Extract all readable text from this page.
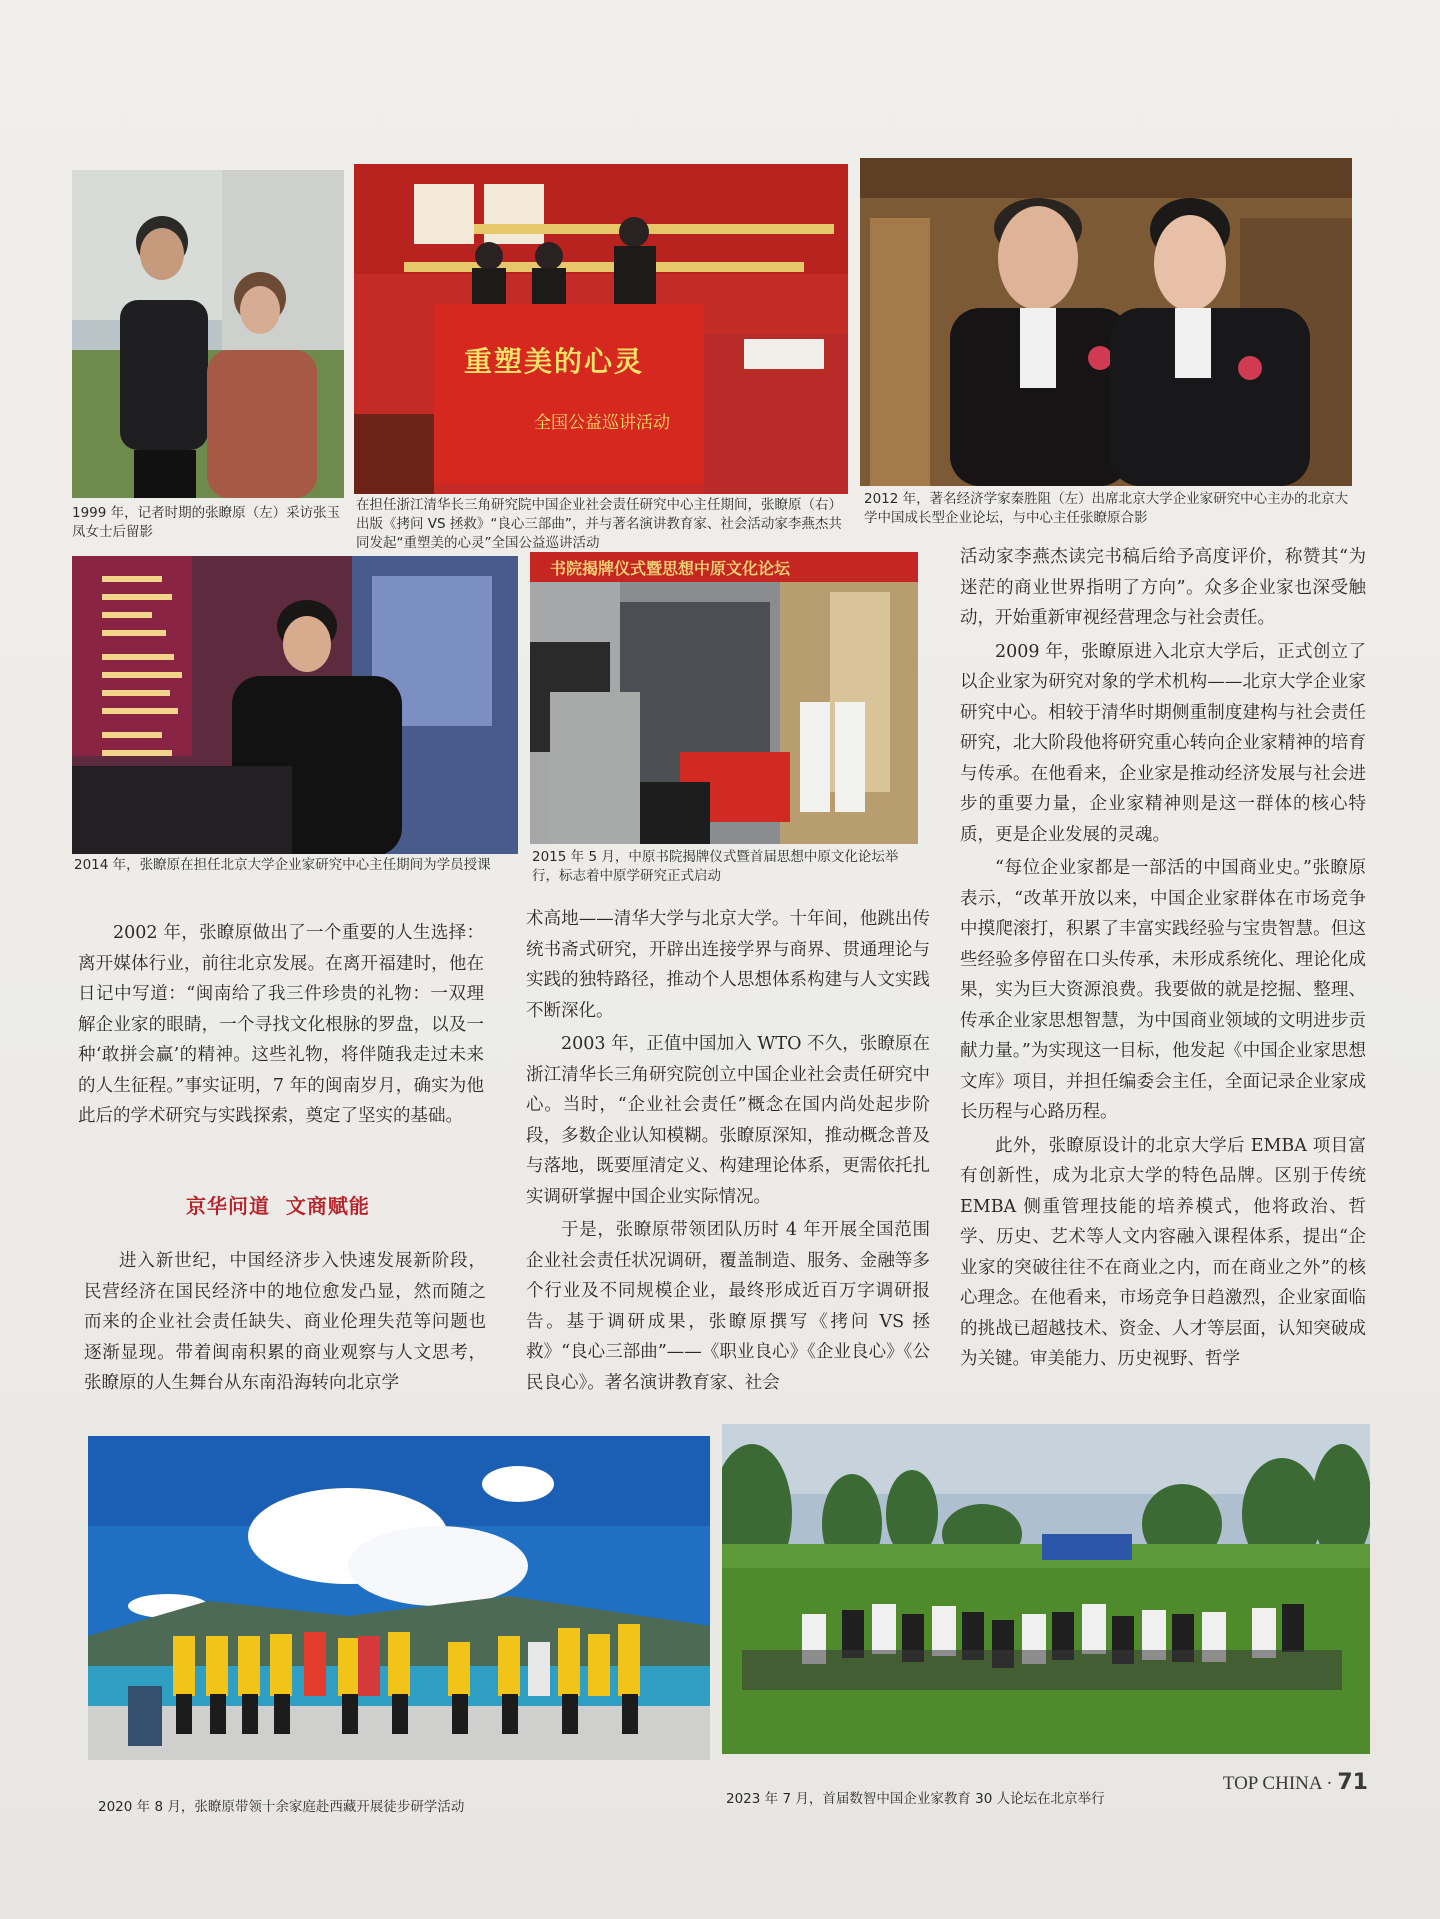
1999 年，记者时期的张瞭原（左）采访张玉凤女士后留影
重塑美的心灵
全国公益巡讲活动
在担任浙江清华长三角研究院中国企业社会责任研究中心主任期间，张瞭原（右）出版《拷问 VS 拯救》“良心三部曲”，并与著名演讲教育家、社会活动家李燕杰共同发起“重塑美的心灵”全国公益巡讲活动
2012 年，著名经济学家秦胜阻（左）出席北京大学企业家研究中心主办的北京大学中国成长型企业论坛，与中心主任张瞭原合影
2014 年，张瞭原在担任北京大学企业家研究中心主任期间为学员授课
书院揭牌仪式暨思想中原文化论坛
2015 年 5 月，中原书院揭牌仪式暨首届思想中原文化论坛举行，标志着中原学研究正式启动

活动家李燕杰读完书稿后给予高度评价，称赞其“为迷茫的商业世界指明了方向”。众多企业家也深受触动，开始重新审视经营理念与社会责任。

2009 年，张瞭原进入北京大学后，正式创立了以企业家为研究对象的学术机构——北京大学企业家研究中心。相较于清华时期侧重制度建构与社会责任研究，北大阶段他将研究重心转向企业家精神的培育与传承。在他看来，企业家是推动经济发展与社会进步的重要力量，企业家精神则是这一群体的核心特质，更是企业发展的灵魂。

“每位企业家都是一部活的中国商业史。”张瞭原表示，“改革开放以来，中国企业家群体在市场竞争中摸爬滚打，积累了丰富实践经验与宝贵智慧。但这些经验多停留在口头传承，未形成系统化、理论化成果，实为巨大资源浪费。我要做的就是挖掘、整理、传承企业家思想智慧，为中国商业领域的文明进步贡献力量。”为实现这一目标，他发起《中国企业家思想文库》项目，并担任编委会主任，全面记录企业家成长历程与心路历程。

此外，张瞭原设计的北京大学后 EMBA 项目富有创新性，成为北京大学的特色品牌。区别于传统 EMBA 侧重管理技能的培养模式，他将政治、哲学、历史、艺术等人文内容融入课程体系，提出“企业家的突破往往不在商业之内，而在商业之外”的核心理念。在他看来，市场竞争日趋激烈，企业家面临的挑战已超越技术、资金、人才等层面，认知突破成为关键。审美能力、历史视野、哲学

2002 年，张瞭原做出了一个重要的人生选择：离开媒体行业，前往北京发展。在离开福建时，他在日记中写道：“闽南给了我三件珍贵的礼物：一双理解企业家的眼睛，一个寻找文化根脉的罗盘，以及一种‘敢拼会赢’的精神。这些礼物，将伴随我走过未来的人生征程。”事实证明，7 年的闽南岁月，确实为他此后的学术研究与实践探索，奠定了坚实的基础。

京华问道  文商赋能

进入新世纪，中国经济步入快速发展新阶段，民营经济在国民经济中的地位愈发凸显，然而随之而来的企业社会责任缺失、商业伦理失范等问题也逐渐显现。带着闽南积累的商业观察与人文思考，张瞭原的人生舞台从东南沿海转向北京学

术高地——清华大学与北京大学。十年间，他跳出传统书斋式研究，开辟出连接学界与商界、贯通理论与实践的独特路径，推动个人思想体系构建与人文实践不断深化。

2003 年，正值中国加入 WTO 不久，张瞭原在浙江清华长三角研究院创立中国企业社会责任研究中心。当时，“企业社会责任”概念在国内尚处起步阶段，多数企业认知模糊。张瞭原深知，推动概念普及与落地，既要厘清定义、构建理论体系，更需依托扎实调研掌握中国企业实际情况。

于是，张瞭原带领团队历时 4 年开展全国范围企业社会责任状况调研，覆盖制造、服务、金融等多个行业及不同规模企业，最终形成近百万字调研报告。基于调研成果，张瞭原撰写《拷问 VS 拯救》“良心三部曲”——《职业良心》《企业良心》《公民良心》。著名演讲教育家、社会

2020 年 8 月，张瞭原带领十余家庭赴西藏开展徒步研学活动	2023 年 7 月，首届数智中国企业家教育 30 人论坛在北京举行
TOP CHINA · 71
